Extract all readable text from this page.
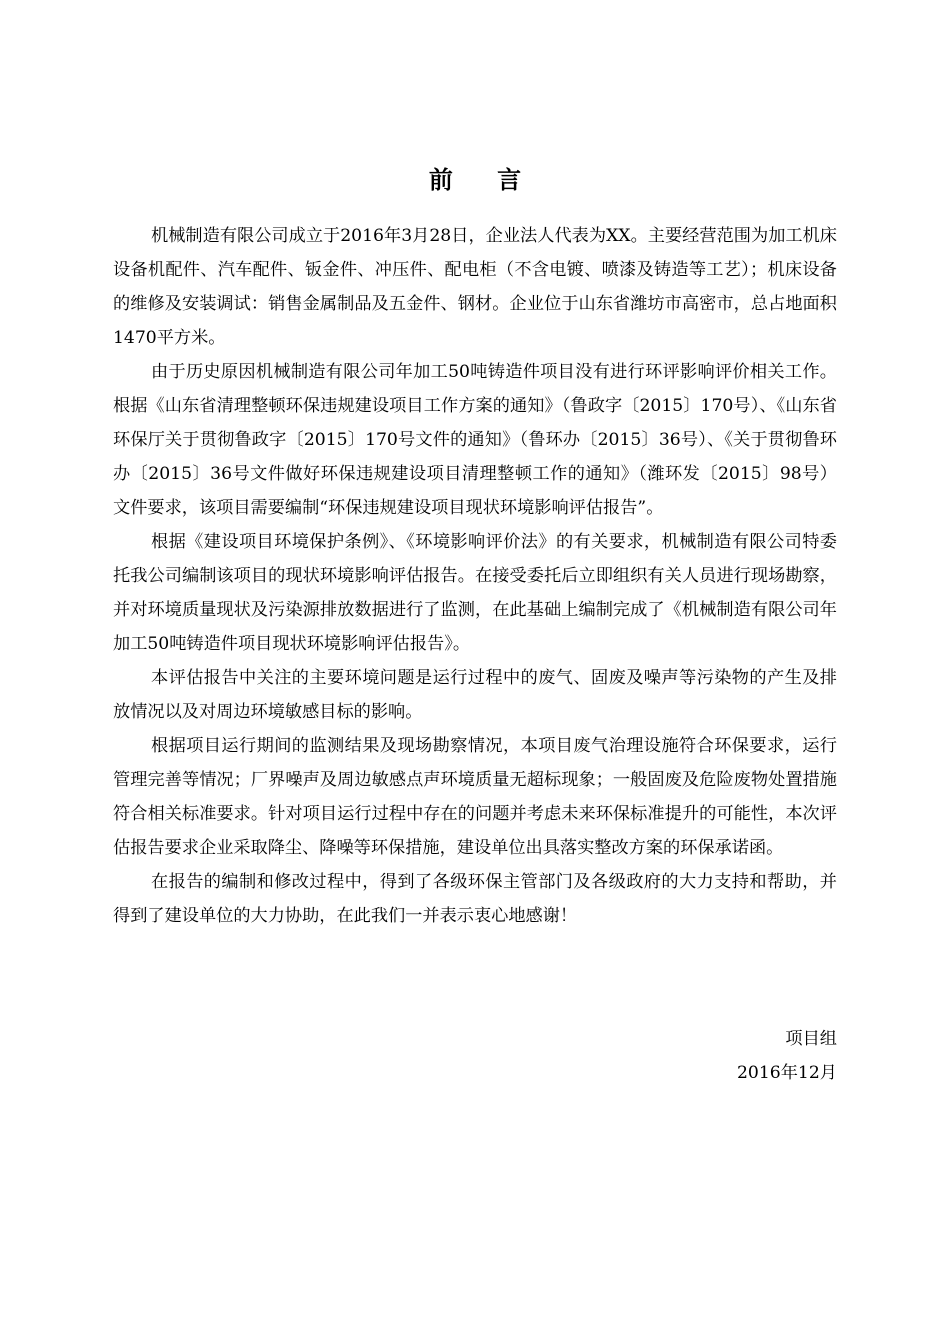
前 言

机械制造有限公司成立于2016年3月28日，企业法人代表为XX。主要经营范围为加工机床设备机配件、汽车配件、钣金件、冲压件、配电柜（不含电镀、喷漆及铸造等工艺）；机床设备的维修及安装调试：销售金属制品及五金件、钢材。企业位于山东省潍坊市高密市，总占地面积1470平方米。

由于历史原因机械制造有限公司年加工50吨铸造件项目没有进行环评影响评价相关工作。根据《山东省清理整顿环保违规建设项目工作方案的通知》（鲁政字〔2015〕170号）、《山东省环保厅关于贯彻鲁政字〔2015〕170号文件的通知》（鲁环办〔2015〕36号）、《关于贯彻鲁环办〔2015〕36号文件做好环保违规建设项目清理整顿工作的通知》（潍环发〔2015〕98号）文件要求，该项目需要编制“环保违规建设项目现状环境影响评估报告”。

根据《建设项目环境保护条例》、《环境影响评价法》的有关要求，机械制造有限公司特委托我公司编制该项目的现状环境影响评估报告。在接受委托后立即组织有关人员进行现场勘察，并对环境质量现状及污染源排放数据进行了监测，在此基础上编制完成了《机械制造有限公司年加工50吨铸造件项目现状环境影响评估报告》。

本评估报告中关注的主要环境问题是运行过程中的废气、固废及噪声等污染物的产生及排放情况以及对周边环境敏感目标的影响。

根据项目运行期间的监测结果及现场勘察情况，本项目废气治理设施符合环保要求，运行管理完善等情况；厂界噪声及周边敏感点声环境质量无超标现象；一般固废及危险废物处置措施符合相关标准要求。针对项目运行过程中存在的问题并考虑未来环保标准提升的可能性，本次评估报告要求企业采取降尘、降噪等环保措施，建设单位出具落实整改方案的环保承诺函。

在报告的编制和修改过程中，得到了各级环保主管部门及各级政府的大力支持和帮助，并得到了建设单位的大力协助，在此我们一并表示衷心地感谢！

项目组
2016年12月
